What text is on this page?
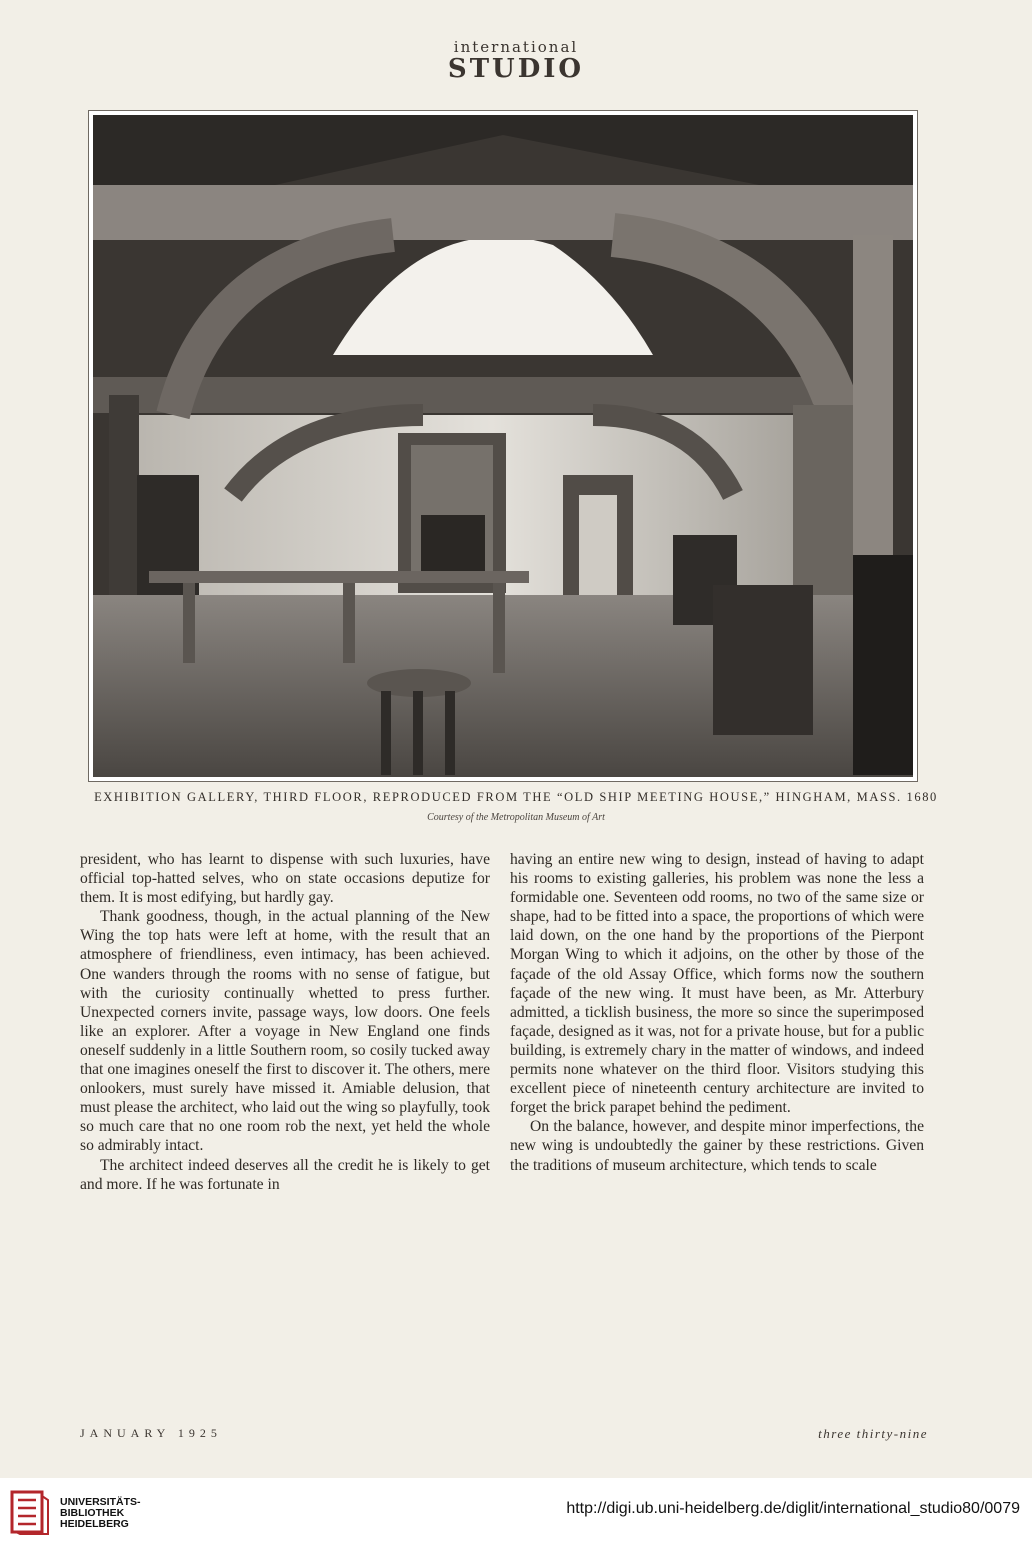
international
STUDIO
EXHIBITION GALLERY, THIRD FLOOR, REPRODUCED FROM THE “OLD SHIP MEETING HOUSE,” HINGHAM, MASS. 1680
Courtesy of the Metropolitan Museum of Art

president, who has learnt to dispense with such luxuries, have official top-hatted selves, who on state occasions deputize for them. It is most edifying, but hardly gay.

Thank goodness, though, in the actual planning of the New Wing the top hats were left at home, with the result that an atmosphere of friendliness, even intimacy, has been achieved. One wanders through the rooms with no sense of fatigue, but with the curiosity continually whetted to press further. Unexpected corners invite, passage ways, low doors. One feels like an explorer. After a voyage in New England one finds oneself suddenly in a little Southern room, so cosily tucked away that one imagines oneself the first to discover it. The others, mere onlookers, must surely have missed it. Amiable delusion, that must please the architect, who laid out the wing so playfully, took so much care that no one room rob the next, yet held the whole so admirably intact.

The architect indeed deserves all the credit he is likely to get and more. If he was fortunate in

having an entire new wing to design, instead of having to adapt his rooms to existing galleries, his problem was none the less a formidable one. Seventeen odd rooms, no two of the same size or shape, had to be fitted into a space, the proportions of which were laid down, on the one hand by the proportions of the Pierpont Morgan Wing to which it adjoins, on the other by those of the façade of the old Assay Office, which forms now the southern façade of the new wing. It must have been, as Mr. Atterbury admitted, a ticklish business, the more so since the superimposed façade, designed as it was, not for a private house, but for a public building, is extremely chary in the matter of windows, and indeed permits none whatever on the third floor. Visitors studying this excellent piece of nineteenth century architecture are invited to forget the brick parapet behind the pediment.

On the balance, however, and despite minor imperfections, the new wing is undoubtedly the gainer by these restrictions. Given the traditions of museum architecture, which tends to scale

JANUARY 1925	three thirty-nine
UNIVERSITÄTS-
BIBLIOTHEK
HEIDELBERG
http://digi.ub.uni-heidelberg.de/diglit/international_studio80/0079
